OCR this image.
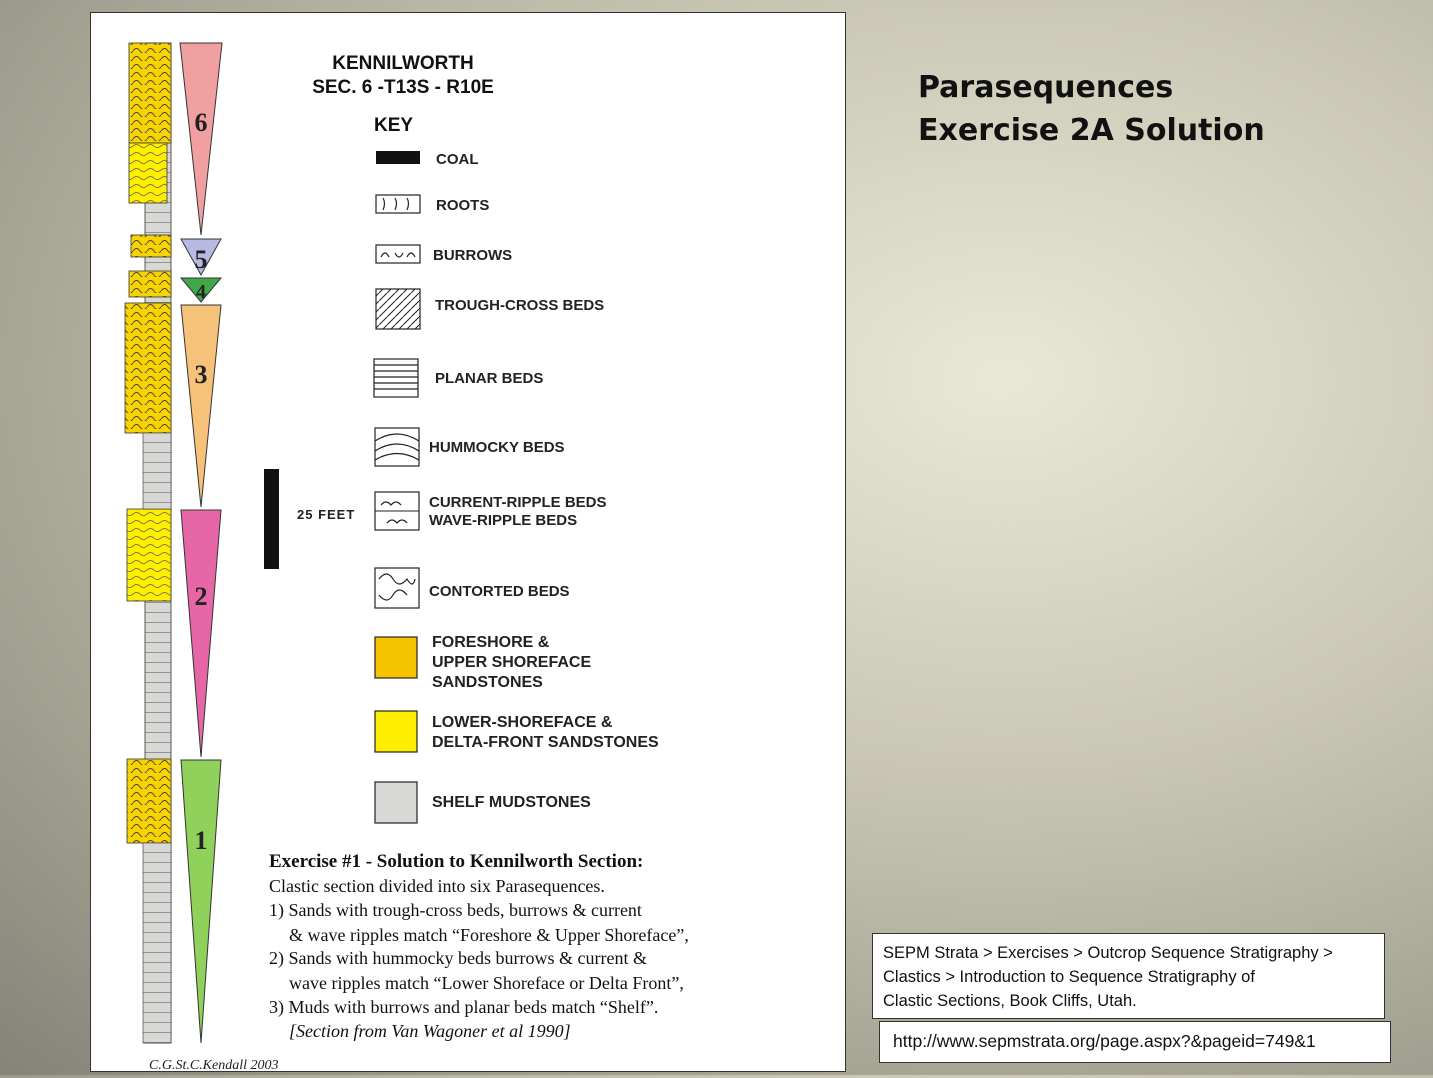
6
5
4
3
2
1
KENNILWORTH
SEC. 6 -T13S - R10E
KEY
COAL
ROOTS
BURROWS
TROUGH-CROSS BEDS
PLANAR BEDS
HUMMOCKY BEDS
CURRENT-RIPPLE BEDS
WAVE-RIPPLE BEDS
CONTORTED BEDS
FORESHORE &
UPPER SHOREFACE
SANDSTONES
LOWER-SHOREFACE &
DELTA-FRONT SANDSTONES
SHELF MUDSTONES
25 FEET
Exercise #1 - Solution to Kennilworth Section:
Clastic section divided into six Parasequences.
1) Sands with trough-cross beds, burrows & current
& wave ripples match “Foreshore & Upper Shoreface”,
2) Sands with hummocky beds burrows & current &
wave ripples match “Lower Shoreface or Delta Front”,
3) Muds with burrows and planar beds match “Shelf”.
[Section from Van Wagoner et al 1990]
C.G.St.C.Kendall 2003
Parasequences
Exercise 2A Solution
SEPM Strata > Exercises > Outcrop Sequence Stratigraphy >
Clastics > Introduction to Sequence Stratigraphy of
Clastic Sections, Book Cliffs, Utah.
http://www.sepmstrata.org/page.aspx?&pageid=749&1
